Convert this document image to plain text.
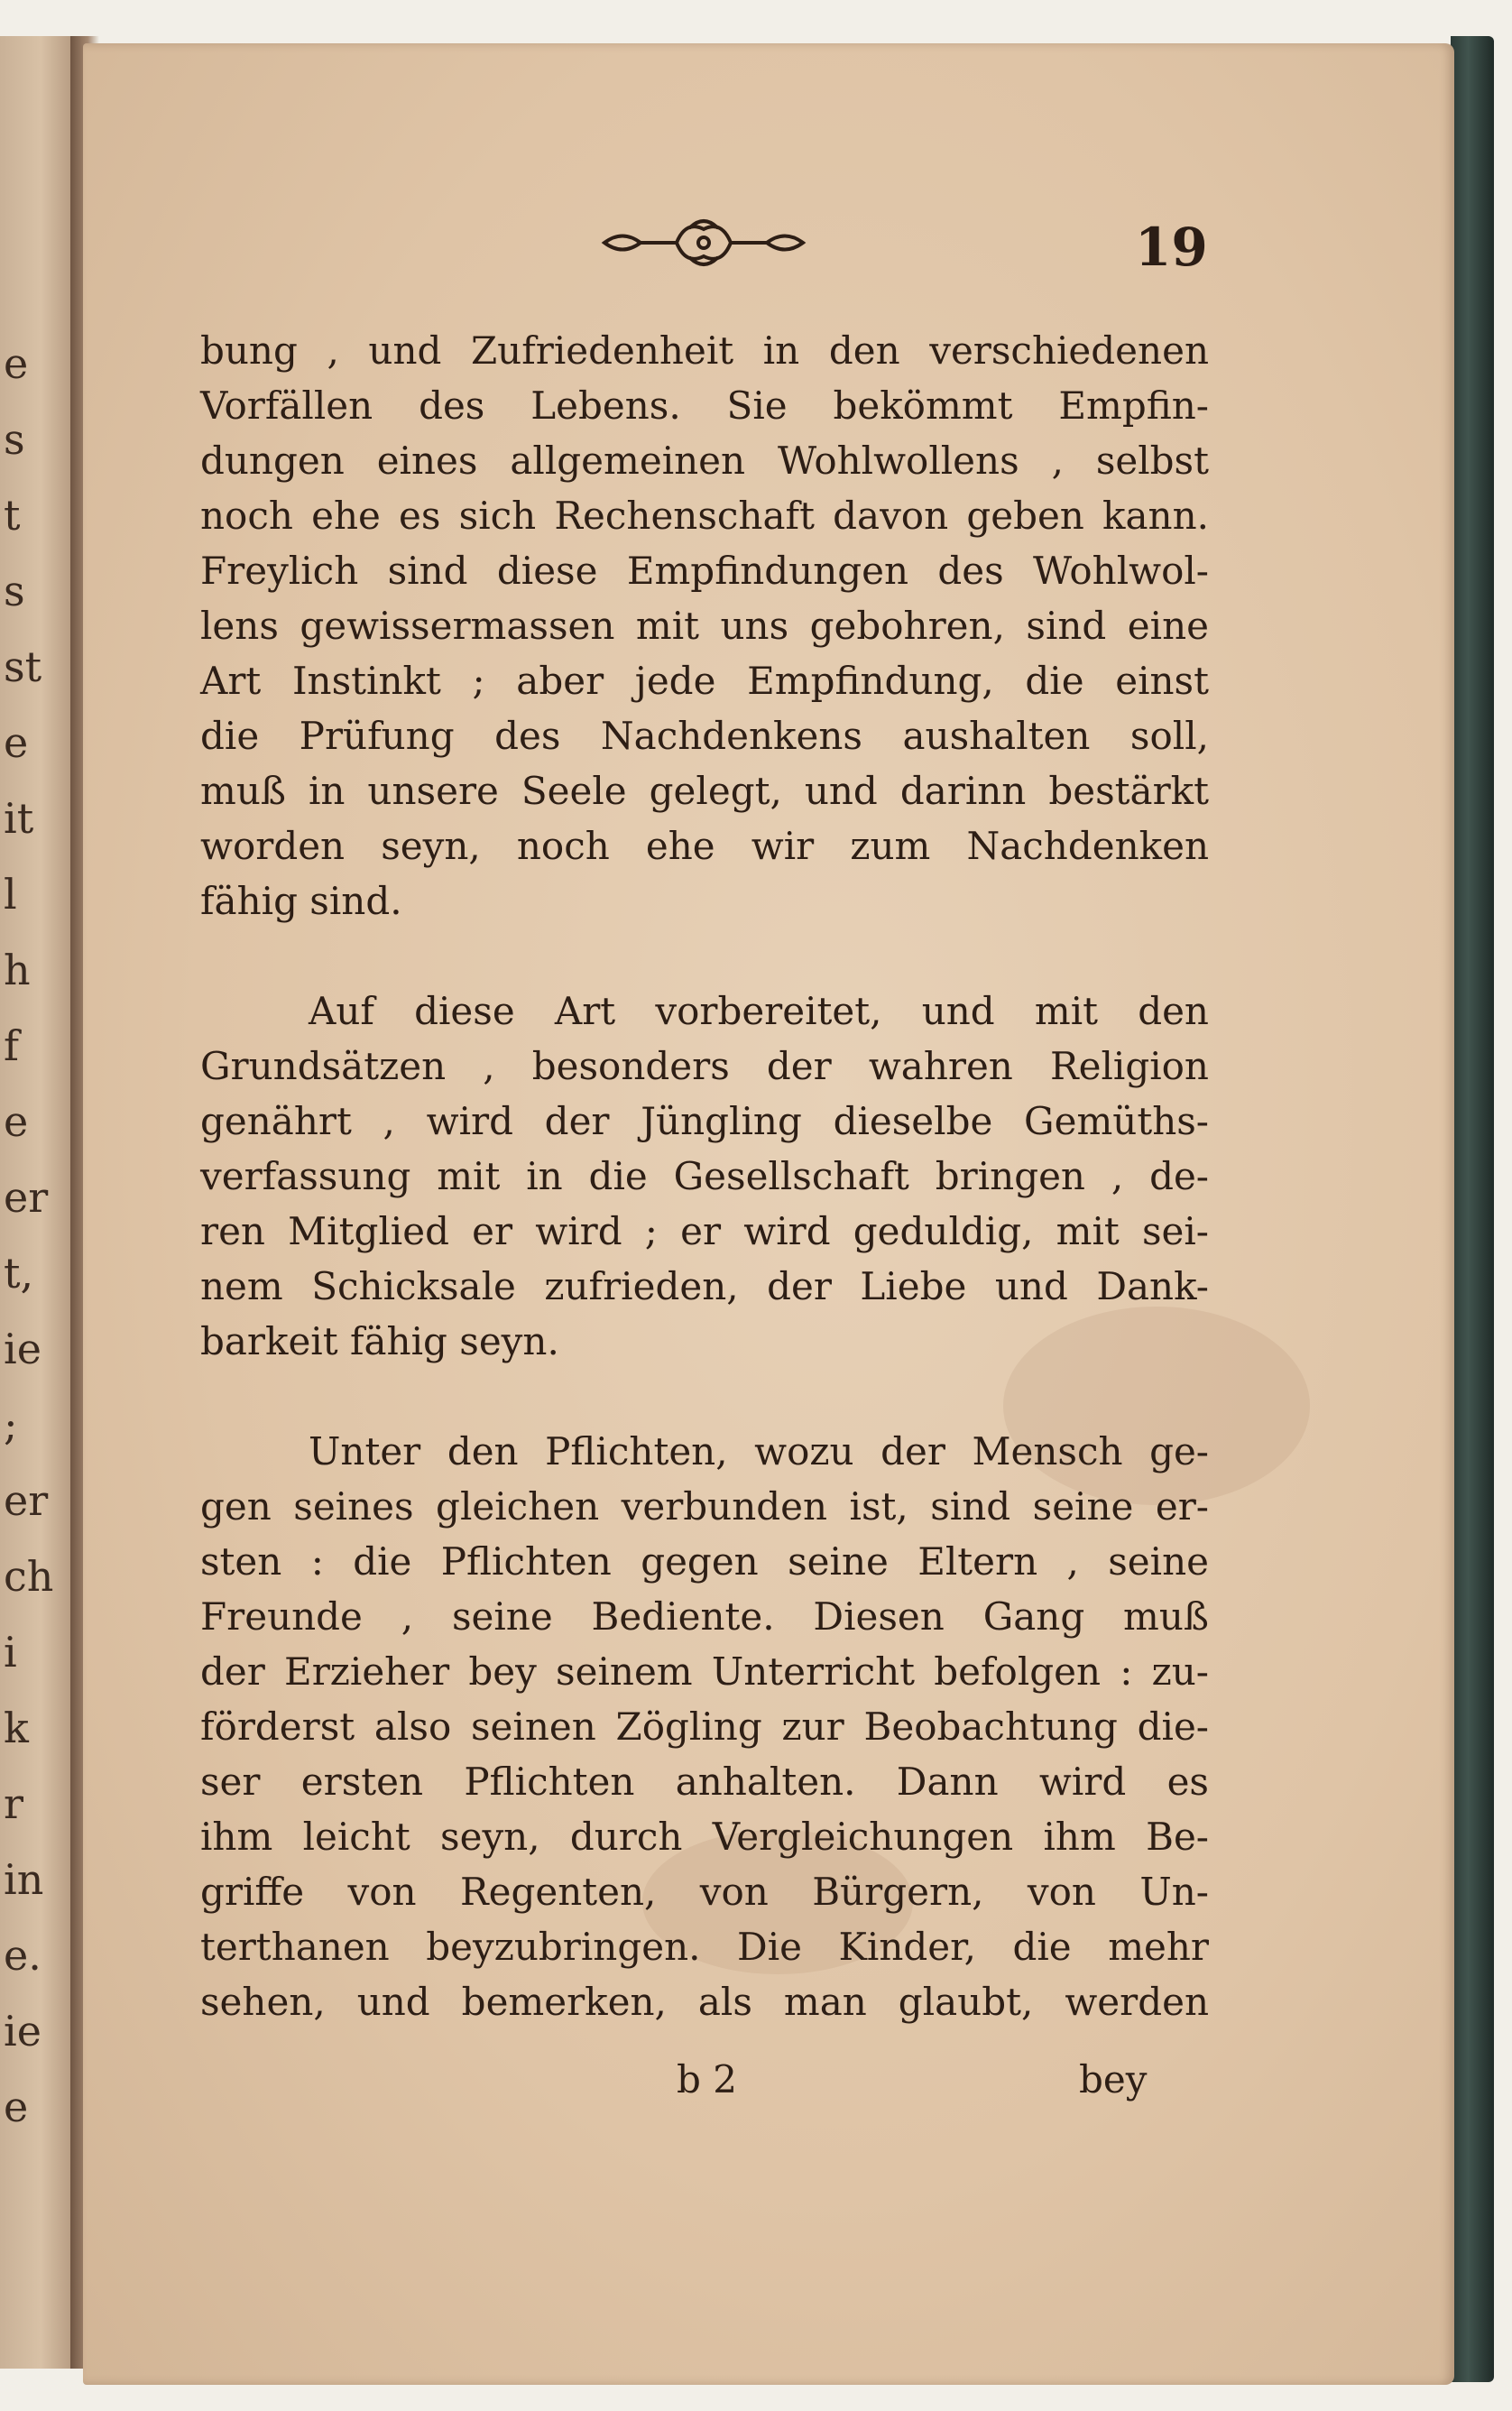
e
s
t
s
st
e
it
l
h
f
e
er
t,
ie
;
er
ch
i
k
r
in
e.
ie
e
19
bung , und Zufriedenheit in den verschiedenen
Vorfällen des Lebens. Sie bekömmt Empfin-
dungen eines allgemeinen Wohlwollens , selbst
noch ehe es sich Rechenschaft davon geben kann.
Freylich sind diese Empfindungen des Wohlwol-
lens gewissermassen mit uns gebohren, sind eine
Art Instinkt ; aber jede Empfindung, die einst
die Prüfung des Nachdenkens aushalten soll,
muß in unsere Seele gelegt, und darinn bestärkt
worden seyn, noch ehe wir zum Nachdenken
fähig sind.
Auf diese Art vorbereitet, und mit den
Grundsätzen , besonders der wahren Religion
genährt , wird der Jüngling dieselbe Gemüths-
verfassung mit in die Gesellschaft bringen , de-
ren Mitglied er wird ; er wird geduldig, mit sei-
nem Schicksale zufrieden, der Liebe und Dank-
barkeit fähig seyn.
Unter den Pflichten, wozu der Mensch ge-
gen seines gleichen verbunden ist, sind seine er-
sten : die Pflichten gegen seine Eltern , seine
Freunde , seine Bediente. Diesen Gang muß
der Erzieher bey seinem Unterricht befolgen : zu-
förderst also seinen Zögling zur Beobachtung die-
ser ersten Pflichten anhalten. Dann wird es
ihm leicht seyn, durch Vergleichungen ihm Be-
griffe von Regenten, von Bürgern, von Un-
terthanen beyzubringen. Die Kinder, die mehr
sehen, und bemerken, als man glaubt, werden
b 2	bey
